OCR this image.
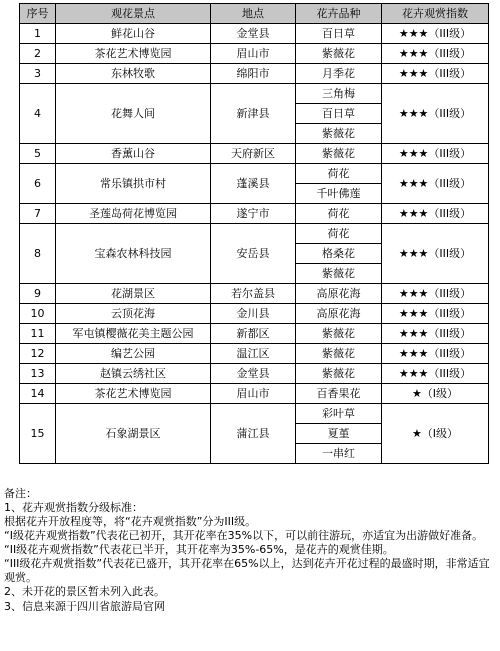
序号	观花景点	地点	花卉品种	花卉观赏指数
1	鲜花山谷	金堂县	百日草	★★★（III级）
2	茶花艺术博览园	眉山市	紫薇花	★★★（III级）
3	东林牧歌	绵阳市	月季花	★★★（III级）
4	花舞人间	新津县	三角梅	★★★（III级）
			百日草	
			紫薇花	
5	香薰山谷	天府新区	紫薇花	★★★（III级）
6	常乐镇拱市村	蓬溪县	荷花	★★★（III级）
			千叶佛莲	
7	圣莲岛荷花博览园	遂宁市	荷花	★★★（III级）
8	宝森农林科技园	安岳县	荷花	★★★（III级）
			格桑花	
			紫薇花	
9	花湖景区	若尔盖县	高原花海	★★★（III级）
10	云顶花海	金川县	高原花海	★★★（III级）
11	军屯镇樱薇花美主题公园	新都区	紫薇花	★★★（III级）
12	编艺公园	温江区	紫薇花	★★★（III级）
13	赵镇云绣社区	金堂县	紫薇花	★★★（III级）
14	茶花艺术博览园	眉山市	百香果花	★（I级）
15	石象湖景区	蒲江县	彩叶草	★（I级）
			夏堇	
			一串红	

备注：

1、花卉观赏指数分级标准：

根据花卉开放程度等，将“花卉观赏指数”分为III级。

“I级花卉观赏指数”代表花已初开，其开花率在35%以下，可以前往游玩，亦适宜为出游做好准备。

“II级花卉观赏指数”代表花已半开，其开花率为35%-65%，是花卉的观赏佳期。

“III级花卉观赏指数”代表花已盛开，其开花率在65%以上，达到花卉开花过程的最盛时期，非常适宜观赏。

2、未开花的景区暂未列入此表。

3、信息来源于四川省旅游局官网
